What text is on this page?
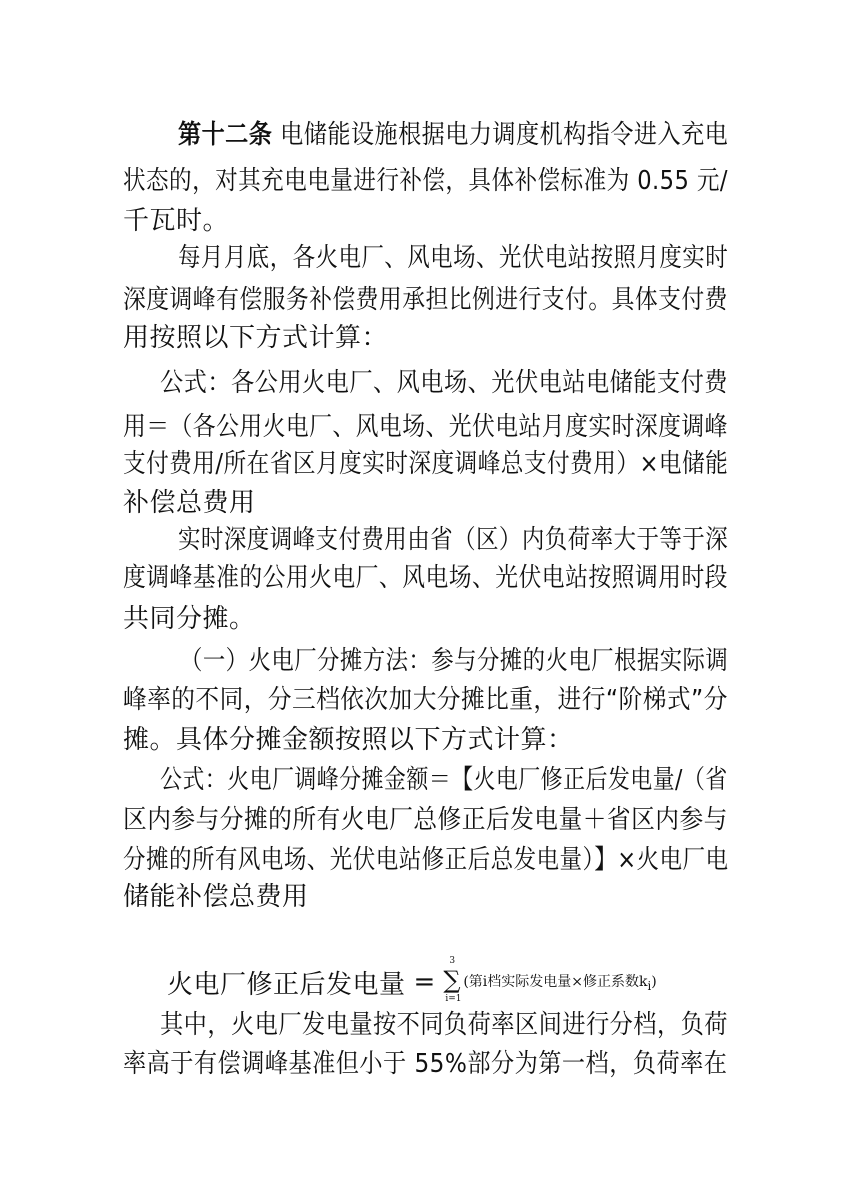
第十二条 电储能设施根据电力调度机构指令进入充电
状态的，对其充电电量进行补偿，具体补偿标准为 0.55 元/
千瓦时。
每月月底，各火电厂、风电场、光伏电站按照月度实时
深度调峰有偿服务补偿费用承担比例进行支付。具体支付费
用按照以下方式计算：
公式：各公用火电厂、风电场、光伏电站电储能支付费
用＝（各公用火电厂、风电场、光伏电站月度实时深度调峰
支付费用/所在省区月度实时深度调峰总支付费用）×电储能
补偿总费用
实时深度调峰支付费用由省（区）内负荷率大于等于深
度调峰基准的公用火电厂、风电场、光伏电站按照调用时段
共同分摊。
（一）火电厂分摊方法：参与分摊的火电厂根据实际调
峰率的不同，分三档依次加大分摊比重，进行“阶梯式”分
摊。具体分摊金额按照以下方式计算：
公式：火电厂调峰分摊金额＝【火电厂修正后发电量/（省
区内参与分摊的所有火电厂总修正后发电量＋省区内参与
分摊的所有风电场、光伏电站修正后总发电量）】×火电厂电
储能补偿总费用
火电厂修正后发电量 =
3
∑
i=1
(第i档实际发电量×修正系数$k_i$)
其中，火电厂发电量按不同负荷率区间进行分档，负荷
率高于有偿调峰基准但小于 55%部分为第一档，负荷率在
